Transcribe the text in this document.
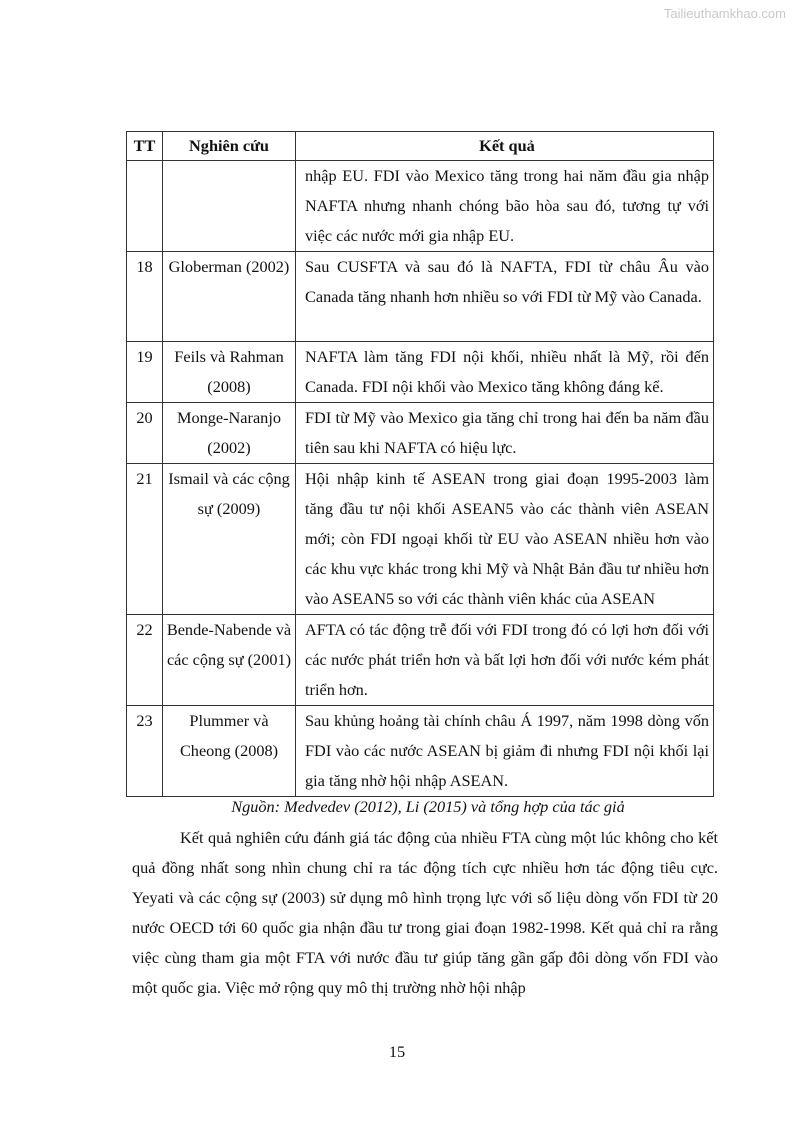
Tailieuthamkhao.com
TT	Nghiên cứu	Kết quả
		nhập EU. FDI vào Mexico tăng trong hai năm đầu gia nhập NAFTA nhưng nhanh chóng bão hòa sau đó, tương tự với việc các nước mới gia nhập EU.
18	Globerman (2002)	Sau CUSFTA và sau đó là NAFTA, FDI từ châu Âu vào Canada tăng nhanh hơn nhiều so với FDI từ Mỹ vào Canada.
19	Feils và Rahman (2008)	NAFTA làm tăng FDI nội khối, nhiều nhất là Mỹ, rồi đến Canada. FDI nội khối vào Mexico tăng không đáng kể.
20	Monge-Naranjo (2002)	FDI từ Mỹ vào Mexico gia tăng chỉ trong hai đến ba năm đầu tiên sau khi NAFTA có hiệu lực.
21	Ismail và các cộng sự (2009)	Hội nhập kinh tế ASEAN trong giai đoạn 1995-2003 làm tăng đầu tư nội khối ASEAN5 vào các thành viên ASEAN mới; còn FDI ngoại khối từ EU vào ASEAN nhiều hơn vào các khu vực khác trong khi Mỹ và Nhật Bản đầu tư nhiều hơn vào ASEAN5 so với các thành viên khác của ASEAN
22	Bende-Nabende và các cộng sự (2001)	AFTA có tác động trễ đối với FDI trong đó có lợi hơn đối với các nước phát triển hơn và bất lợi hơn đối với nước kém phát triển hơn.
23	Plummer và Cheong (2008)	Sau khủng hoảng tài chính châu Á 1997, năm 1998 dòng vốn FDI vào các nước ASEAN bị giảm đi nhưng FDI nội khối lại gia tăng nhờ hội nhập ASEAN.
Nguồn: Medvedev (2012), Li (2015) và tổng hợp của tác giả
Kết quả nghiên cứu đánh giá tác động của nhiều FTA cùng một lúc không cho kết quả đồng nhất song nhìn chung chỉ ra tác động tích cực nhiều hơn tác động tiêu cực. Yeyati và các cộng sự (2003) sử dụng mô hình trọng lực với số liệu dòng vốn FDI từ 20 nước OECD tới 60 quốc gia nhận đầu tư trong giai đoạn 1982-1998. Kết quả chỉ ra rằng việc cùng tham gia một FTA với nước đầu tư giúp tăng gần gấp đôi dòng vốn FDI vào một quốc gia. Việc mở rộng quy mô thị trường nhờ hội nhập
15
